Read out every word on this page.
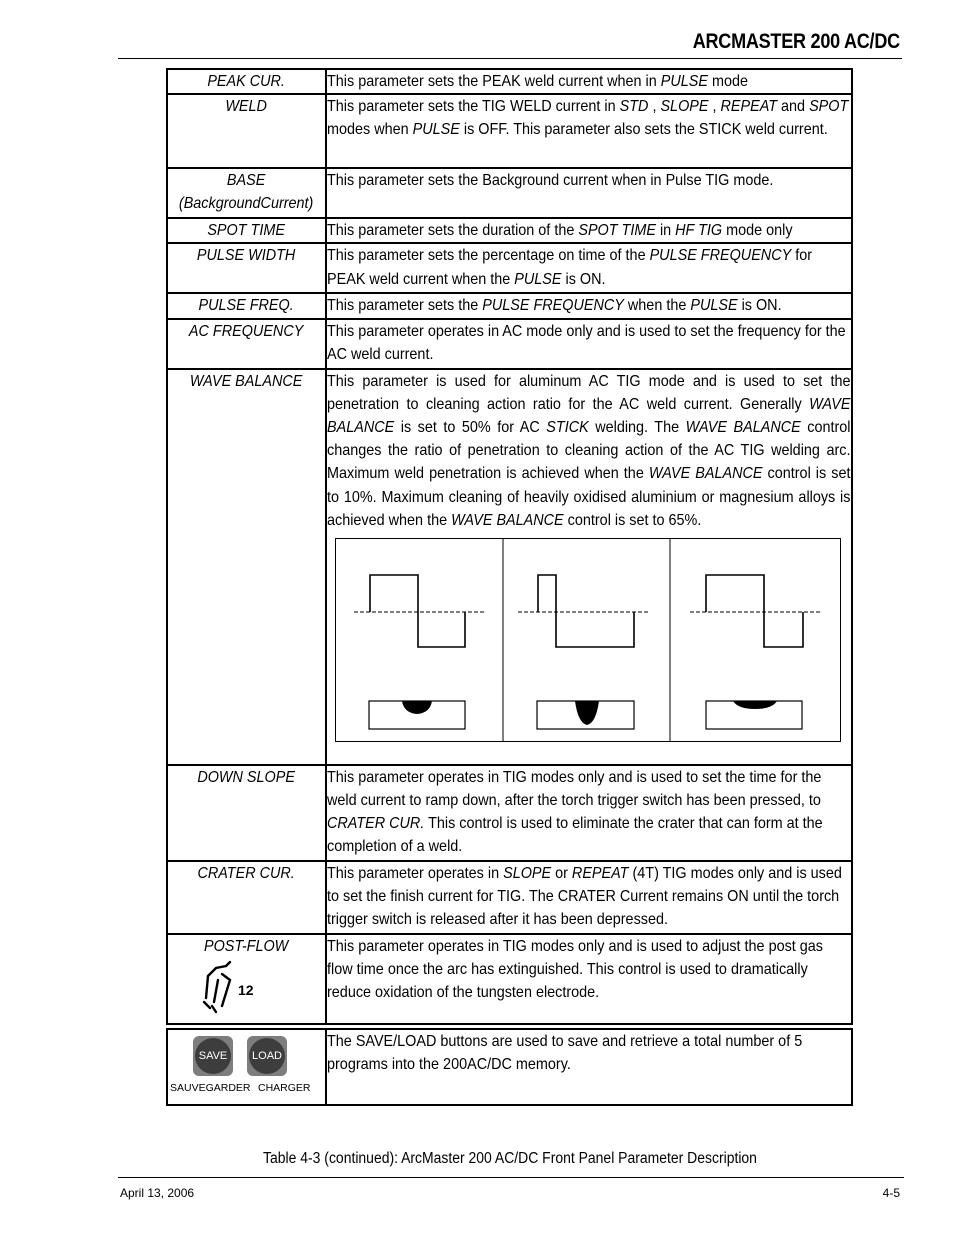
ARCMASTER 200 AC/DC
PEAK CUR.	This parameter sets the PEAK weld current when in PULSE mode
WELD	This parameter sets the TIG WELD current in STD , SLOPE , REPEAT and SPOT modes when PULSE is OFF. This parameter also sets the STICK weld current.
BASE
(BackgroundCurrent)	This parameter sets the Background current when in Pulse TIG mode.
SPOT TIME	This parameter sets the duration of the SPOT TIME in HF TIG mode only
PULSE WIDTH	This parameter sets the percentage on time of the PULSE FREQUENCY for PEAK weld current when the PULSE is ON.
PULSE FREQ.	This parameter sets the PULSE FREQUENCY when the PULSE is ON.
AC FREQUENCY	This parameter operates in AC mode only and is used to set the frequency for the AC weld current.
WAVE BALANCE	This parameter is used for aluminum AC TIG mode and is used to set the penetration to cleaning action ratio for the AC weld current. Generally WAVE BALANCE is set to 50% for AC STICK welding. The WAVE BALANCE control changes the ratio of penetration to cleaning action of the AC TIG welding arc. Maximum weld penetration is achieved when the WAVE BALANCE control is set to 10%. Maximum cleaning of heavily oxidised aluminium or magnesium alloys is achieved when the WAVE BALANCE control is set to 65%.

DOWN SLOPE	This parameter operates in TIG modes only and is used to set the time for the weld current to ramp down, after the torch trigger switch has been pressed, to CRATER CUR. This control is used to eliminate the crater that can form at the completion of a weld.
CRATER CUR.	This parameter operates in SLOPE or REPEAT (4T) TIG modes only and is used to set the finish current for TIG. The CRATER Current remains ON until the torch trigger switch is released after it has been depressed.
POST-FLOW
12	This parameter operates in TIG modes only and is used to adjust the post gas flow time once the arc has extinguished. This control is used to dramatically reduce oxidation of the tungsten electrode.

SAVE LOAD
SAUVEGARDER CHARGER	The SAVE/LOAD buttons are used to save and retrieve a total number of 5 programs into the 200AC/DC memory.
Table 4-3 (continued): ArcMaster 200 AC/DC Front Panel Parameter Description
April 13, 2006	4-5
